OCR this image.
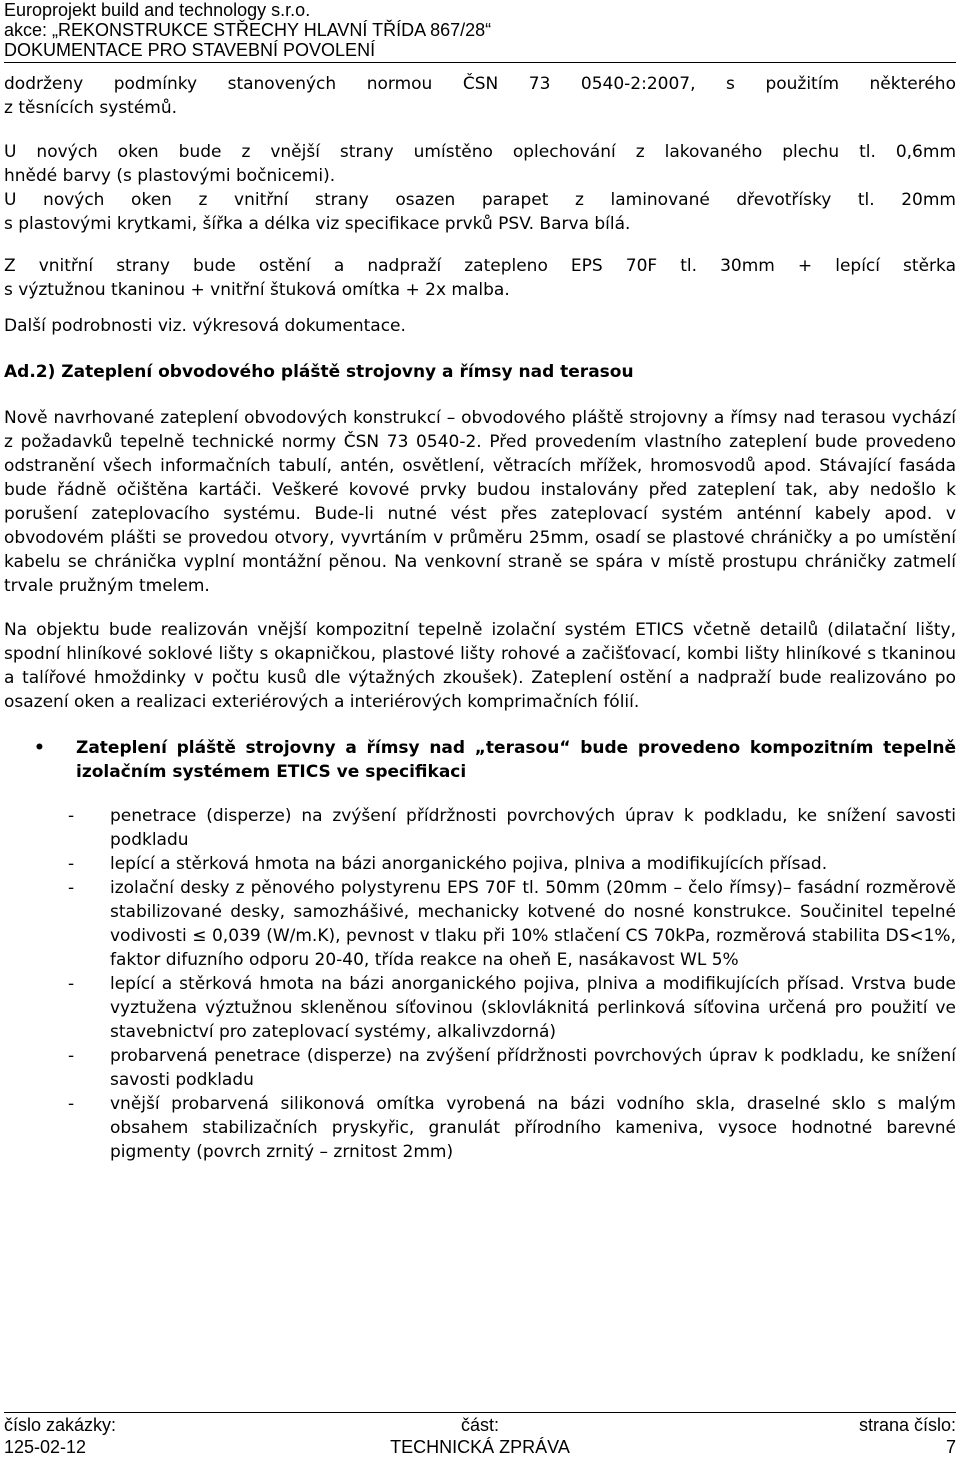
Europrojekt build and technology s.r.o.
akce: „REKONSTRUKCE STŘECHY HLAVNÍ TŘÍDA 867/28“
DOKUMENTACE PRO STAVEBNÍ POVOLENÍ

dodrženy podmínky stanovených normou ČSN 73 0540-2:2007, s použitím některého

z těsnících systémů.

U nových oken bude z vnější strany umístěno oplechování z lakovaného plechu tl. 0,6mm

hnědé barvy (s plastovými bočnicemi).

U nových oken z vnitřní strany osazen parapet z laminované dřevotřísky tl. 20mm

s plastovými krytkami, šířka a délka viz specifikace prvků PSV. Barva bílá.

Z vnitřní strany bude ostění a nadpraží zatepleno EPS 70F tl. 30mm + lepící stěrka

s výztužnou tkaninou + vnitřní štuková omítka + 2x malba.

Další podrobnosti viz. výkresová dokumentace.

Ad.2) Zateplení obvodového pláště strojovny a římsy nad terasou

Nově navrhované zateplení obvodových konstrukcí – obvodového pláště strojovny a římsy nad terasou vychází z požadavků tepelně technické normy ČSN 73 0540-2. Před provedením vlastního zateplení bude provedeno odstranění všech informačních tabulí, antén, osvětlení, větracích mřížek, hromosvodů apod. Stávající fasáda bude řádně očištěna kartáči. Veškeré kovové prvky budou instalovány před zateplení tak, aby nedošlo k porušení zateplovacího systému. Bude-li nutné vést přes zateplovací systém anténní kabely apod. v obvodovém plášti se provedou otvory, vyvrtáním v průměru 25mm, osadí se plastové chráničky a po umístění kabelu se chránička vyplní montážní pěnou. Na venkovní straně se spára v místě prostupu chráničky zatmelí trvale pružným tmelem.

Na objektu bude realizován vnější kompozitní tepelně izolační systém ETICS včetně detailů (dilatační lišty, spodní hliníkové soklové lišty s okapničkou, plastové lišty rohové a začišťovací, kombi lišty hliníkové s tkaninou a talířové hmoždinky v počtu kusů dle výtažných zkoušek). Zateplení ostění a nadpraží bude realizováno po osazení oken a realizaci exteriérových a interiérových komprimačních fólií.

• Zateplení pláště strojovny a římsy nad „terasou“ bude provedeno kompozitním tepelně izolačním systémem ETICS ve specifikaci

- penetrace (disperze) na zvýšení přídržnosti povrchových úprav k podkladu, ke snížení savosti podkladu
- lepící a stěrková hmota na bázi anorganického pojiva, plniva a modifikujících přísad.
- izolační desky z pěnového polystyrenu EPS 70F tl. 50mm (20mm – čelo římsy)– fasádní rozměrově stabilizované desky, samozhášivé, mechanicky kotvené do nosné konstrukce. Součinitel tepelné vodivosti ≤ 0,039 (W/m.K), pevnost v tlaku při 10% stlačení CS 70kPa, rozměrová stabilita DS<1%, faktor difuzního odporu 20-40, třída reakce na oheň E, nasákavost WL 5%
- lepící a stěrková hmota na bázi anorganického pojiva, plniva a modifikujících přísad. Vrstva bude vyztužena výztužnou skleněnou síťovinou (sklovláknitá perlinková síťovina určená pro použití ve stavebnictví pro zateplovací systémy, alkalivzdorná)
- probarvená penetrace (disperze) na zvýšení přídržnosti povrchových úprav k podkladu, ke snížení savosti podkladu
- vnější probarvená silikonová omítka vyrobená na bázi vodního skla, draselné sklo s malým obsahem stabilizačních pryskyřic, granulát přírodního kameniva, vysoce hodnotné barevné pigmenty (povrch zrnitý – zrnitost 2mm)
číslo zakázky:	část:	strana číslo:
125-02-12	TECHNICKÁ ZPRÁVA	7
